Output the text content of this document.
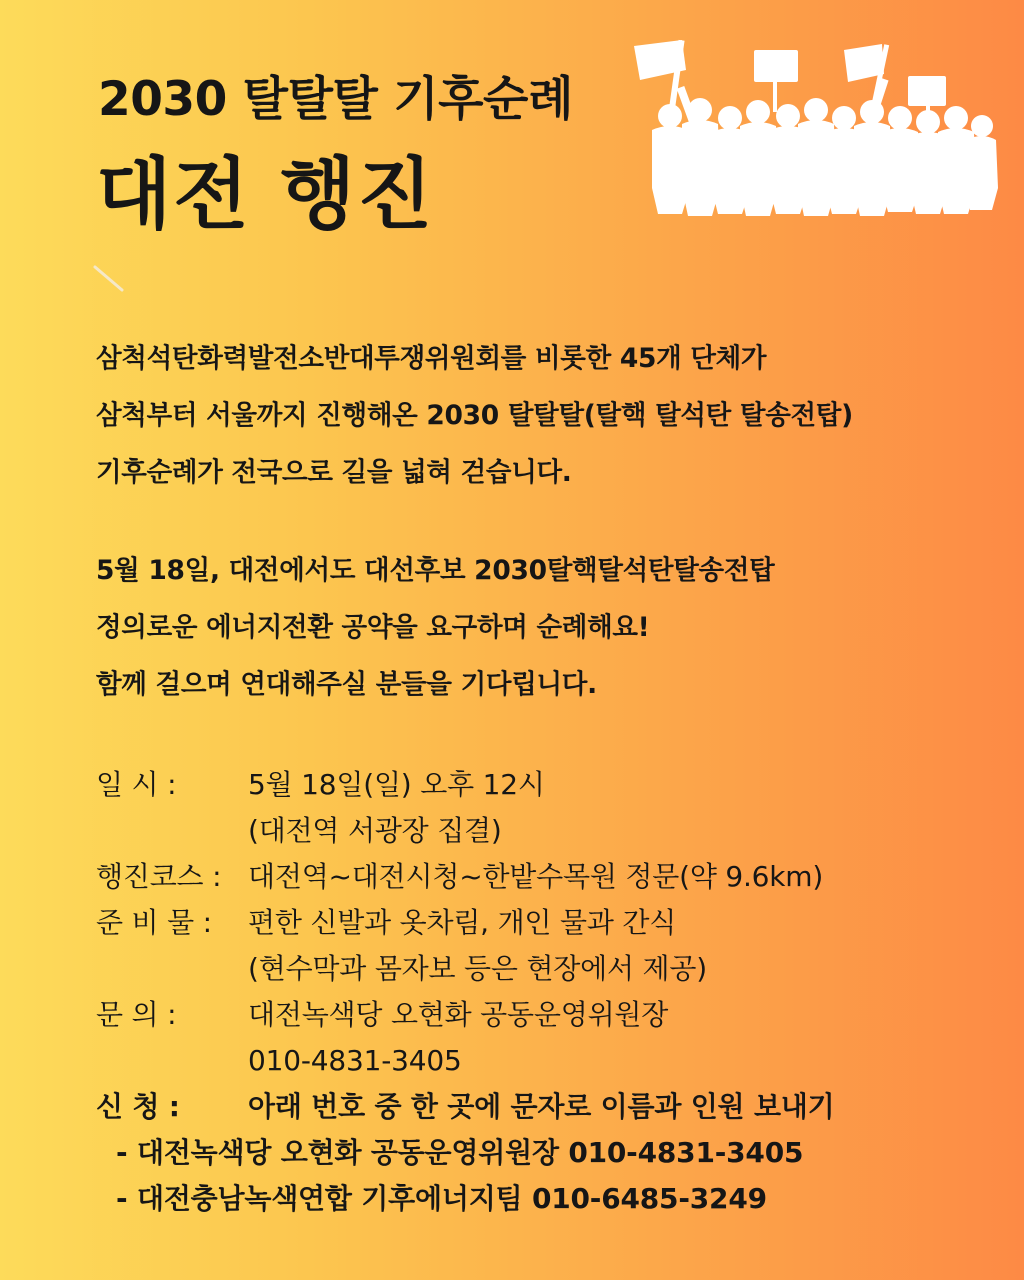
2030 탈탈탈 기후순례
대전 행진
삼척석탄화력발전소반대투쟁위원회를 비롯한 45개 단체가
삼척부터 서울까지 진행해온 2030 탈탈탈(탈핵 탈석탄 탈송전탑)
기후순례가 전국으로 길을 넓혀 걷습니다.
5월 18일, 대전에서도 대선후보 2030탈핵탈석탄탈송전탑
정의로운 에너지전환 공약을 요구하며 순례해요!
함께 걸으며 연대해주실 분들을 기다립니다.
일 시 :	5월 18일(일) 오후 12시
(대전역 서광장 집결)
행진코스 : 대전역~대전시청~한밭수목원 정문(약 9.6km)
준 비 물 :	편한 신발과 옷차림, 개인 물과 간식
(현수막과 몸자보 등은 현장에서 제공)
문 의 :	대전녹색당 오현화 공동운영위원장
010-4831-3405
신 청 :	아래 번호 중 한 곳에 문자로 이름과 인원 보내기
- 대전녹색당 오현화 공동운영위원장 010-4831-3405
- 대전충남녹색연합 기후에너지팀 010-6485-3249
